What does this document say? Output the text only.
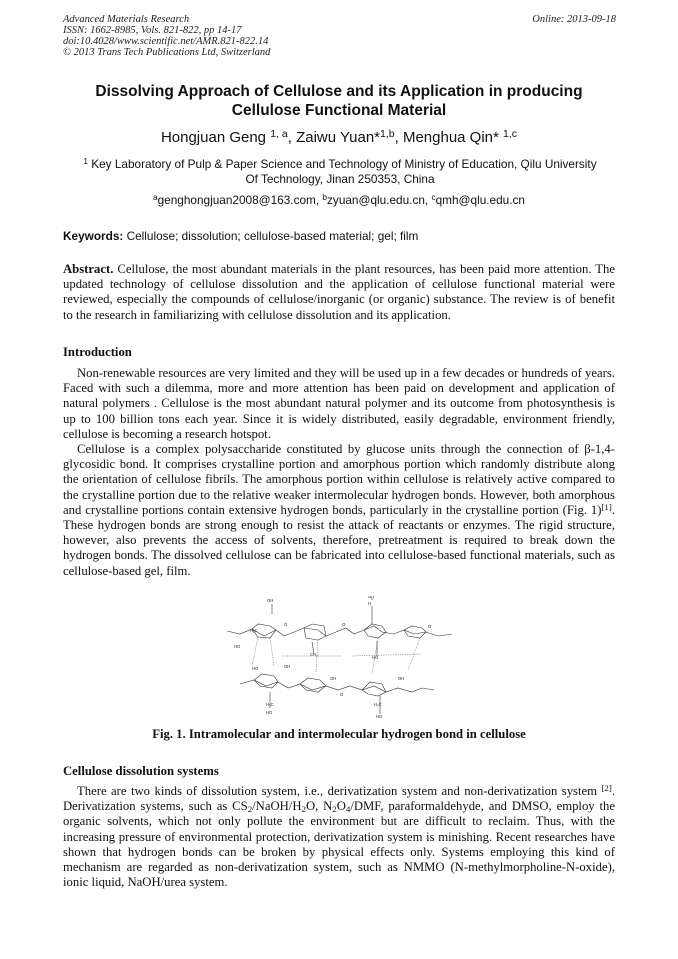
Advanced Materials Research
ISSN: 1662-8985, Vols. 821-822, pp 14-17
doi:10.4028/www.scientific.net/AMR.821-822.14
© 2013 Trans Tech Publications Ltd, Switzerland
Online: 2013-09-18
Dissolving Approach of Cellulose and its Application in producing
Cellulose Functional Material
Hongjuan Geng $^{1, a}$, Zaiwu Yuan*$^{1,b}$, Menghua Qin* $^{1,c}$
$^1$ Key Laboratory of Pulp & Paper Science and Technology of Ministry of Education, Qilu University
Of Technology, Jinan 250353, China
$^a$genghongjuan2008@163.com, $^b$zyuan@qlu.edu.cn, $^c$qmh@qlu.edu.cn
Keywords: Cellulose; dissolution; cellulose-based material; gel; film
Abstract. Cellulose, the most abundant materials in the plant resources, has been paid more attention. The updated technology of cellulose dissolution and the application of cellulose functional material were reviewed, especially the compounds of cellulose/inorganic (or organic) substance. The review is of benefit to the research in familiarizing with cellulose dissolution and its application.
Introduction

Non-renewable resources are very limited and they will be used up in a few decades or hundreds of years. Faced with such a dilemma, more and more attention has been paid on development and application of natural polymers . Cellulose is the most abundant natural polymer and its outcome from photosynthesis is up to 100 billion tons each year. Since it is widely distributed, easily degradable, environment friendly, cellulose is becoming a research hotspot.

Cellulose is a complex polysaccharide constituted by glucose units through the connection of β-1,4-glycosidic bond. It comprises crystalline portion and amorphous portion which randomly distribute along the orientation of cellulose fibrils. The amorphous portion within cellulose is relatively active compared to the crystalline portion due to the relative weaker intermolecular hydrogen bonds. However, both amorphous and crystalline portions contain extensive hydrogen bonds, particularly in the crystalline portion (Fig. 1)[1]. These hydrogen bonds are strong enough to resist the attack of reactants or enzymes. The rigid structure, however, also prevents the access of solvents, therefore, pretreatment is required to break down the hydrogen bonds. The dissolved cellulose can be fabricated into cellulose-based functional materials, such as cellulose-based gel, film.

OH
OH
H
H₂C
O
HO
CH₂
O
HO
O
HO	OH
OH	OH
O
H₂C
HO
H₂C
HO
Fig. 1. Intramolecular and intermolecular hydrogen bond in cellulose
Cellulose dissolution systems

There are two kinds of dissolution system, i.e., derivatization system and non-derivatization system [2]. Derivatization systems, such as $CS_2/NaOH/H_2O$, $N_2O_4$/DMF, paraformaldehyde, and DMSO, employ the organic solvents, which not only pollute the environment but are difficult to reclaim. Thus, with the increasing pressure of environmental protection, derivatization system is minishing. Recent researches have shown that hydrogen bonds can be broken by physical effects only. Systems employing this kind of mechanism are regarded as non-derivatization system, such as NMMO (N-methylmorpholine-N-oxide), ionic liquid, NaOH/urea system.
